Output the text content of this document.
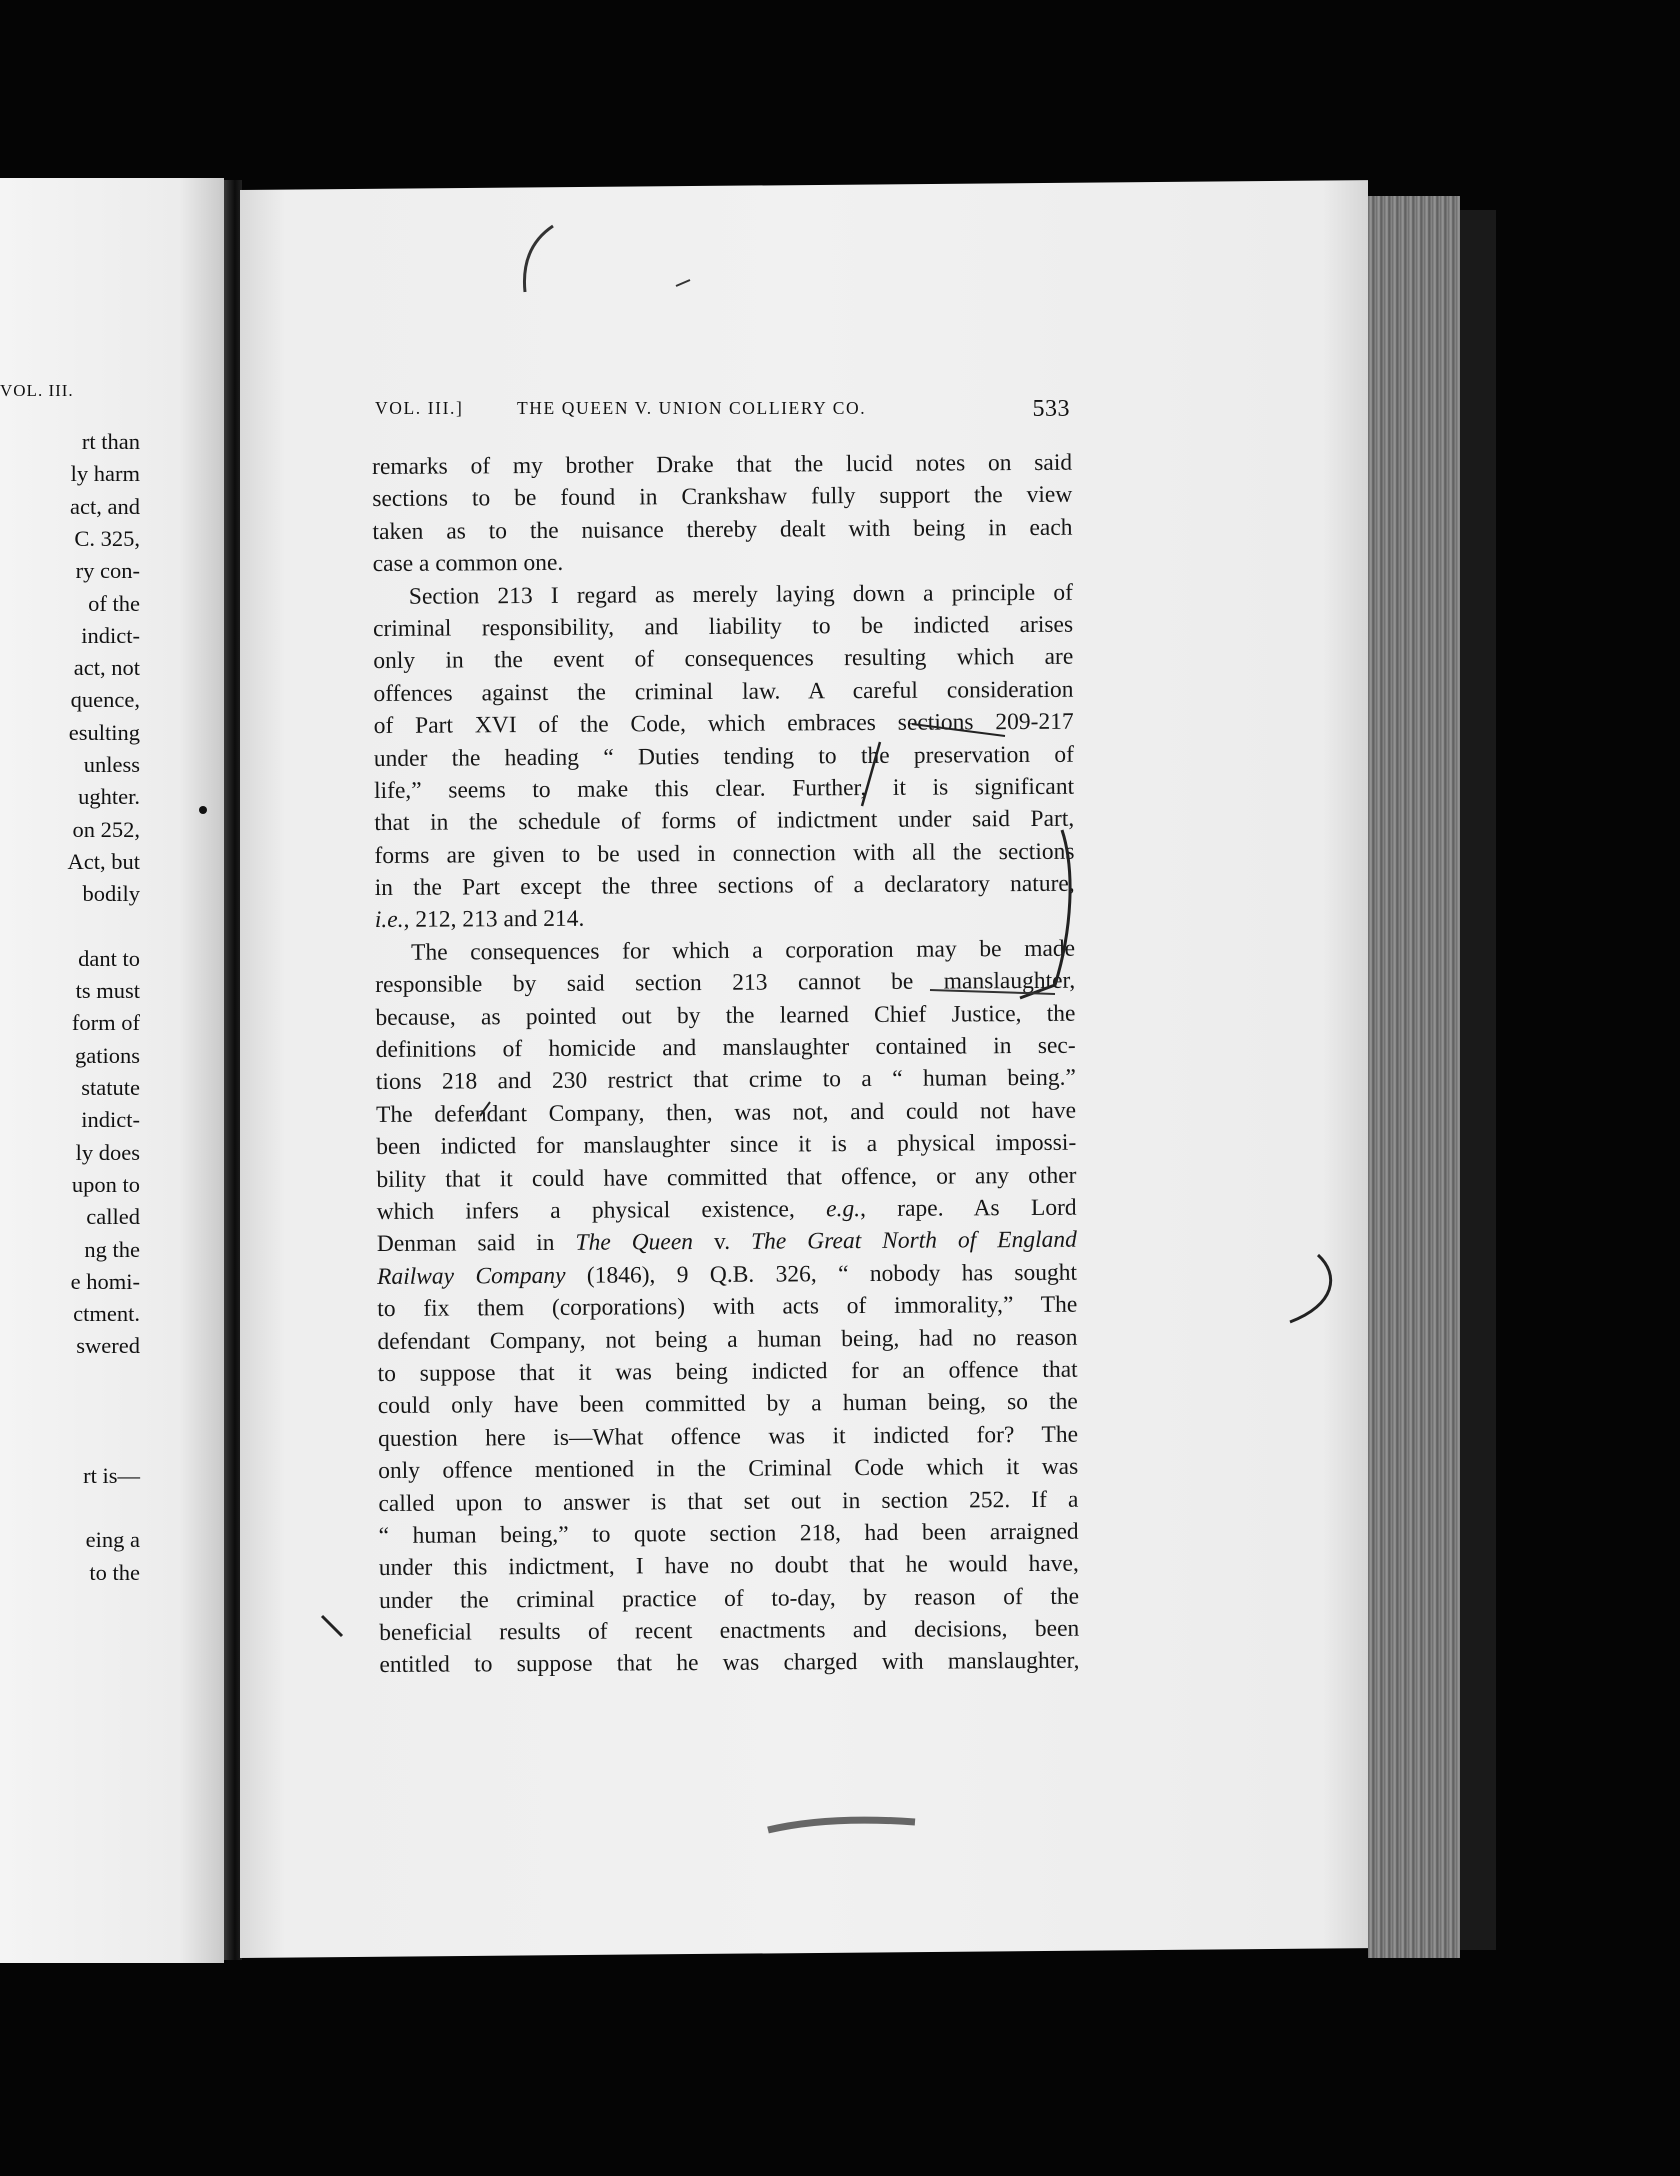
VOL. III.
rt than
ly harm
act, and
C. 325,
ry con-
of the
indict-
act, not
quence,
esulting
unless
ughter.
on 252,
Act, but
bodily
dant to
ts must
form of
gations
statute
indict-
ly does
upon to
called
ng the
e homi-
ctment.
swered
rt is—
eing a
to the
VOL. III.]	THE QUEEN V. UNION COLLIERY CO.	533
remarks of my brother Drake that the lucid notes on said
sections to be found in Crankshaw fully support the view
taken as to the nuisance thereby dealt with being in each
case a common one.
Section 213 I regard as merely laying down a principle of
criminal responsibility, and liability to be indicted arises
only in the event of consequences resulting which are
offences against the criminal law. A careful consideration
of Part XVI of the Code, which embraces sections 209-217
under the heading “ Duties tending to the preservation of
life,” seems to make this clear. Further, it is significant
that in the schedule of forms of indictment under said Part,
forms are given to be used in connection with all the sections
in the Part except the three sections of a declaratory nature,
i.e., 212, 213 and 214.
The consequences for which a corporation may be made
responsible by said section 213 cannot be manslaughter,
because, as pointed out by the learned Chief Justice, the
definitions of homicide and manslaughter contained in sec-
tions 218 and 230 restrict that crime to a “ human being.”
The defendant Company, then, was not, and could not have
been indicted for manslaughter since it is a physical impossi-
bility that it could have committed that offence, or any other
which infers a physical existence, e.g., rape. As Lord
Denman said in The Queen v. The Great North of England
Railway Company (1846), 9 Q.B. 326, “ nobody has sought
to fix them (corporations) with acts of immorality,” The
defendant Company, not being a human being, had no reason
to suppose that it was being indicted for an offence that
could only have been committed by a human being, so the
question here is—What offence was it indicted for? The
only offence mentioned in the Criminal Code which it was
called upon to answer is that set out in section 252. If a
“ human being,” to quote section 218, had been arraigned
under this indictment, I have no doubt that he would have,
under the criminal practice of to-day, by reason of the
beneficial results of recent enactments and decisions, been
entitled to suppose that he was charged with manslaughter,
